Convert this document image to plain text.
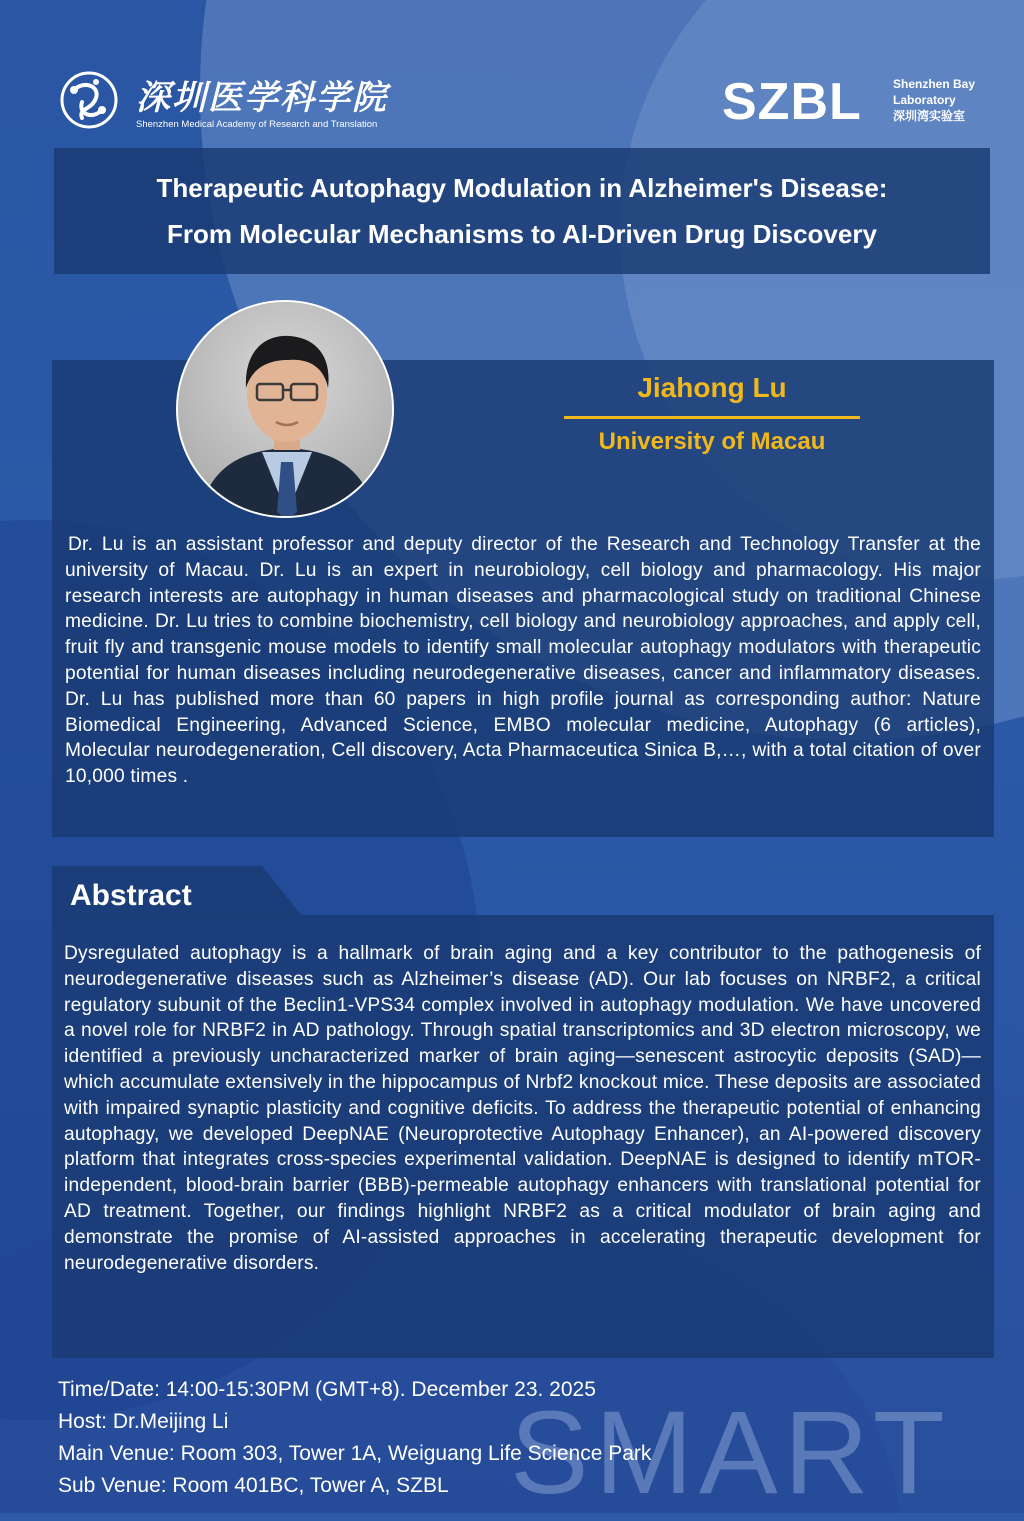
深圳医学科学院
Shenzhen Medical Academy of Research and Translation	SZBL	Shenzhen Bay
Laboratory
深圳湾实验室
Therapeutic Autophagy Modulation in Alzheimer's Disease:
From Molecular Mechanisms to AI-Driven Drug Discovery
Jiahong Lu
University of Macau
Dr. Lu is an assistant professor and deputy director of the Research and Technology Transfer at the university of Macau. Dr. Lu is an expert in neurobiology, cell biology and pharmacology. His major research interests are autophagy in human diseases and pharmacological study on traditional Chinese medicine. Dr. Lu tries to combine biochemistry, cell biology and neurobiology approaches, and apply cell, fruit fly and transgenic mouse models to identify small molecular autophagy modulators with therapeutic potential for human diseases including neurodegenerative diseases, cancer and inflammatory diseases. Dr. Lu has published more than 60 papers in high profile journal as corresponding author: Nature Biomedical Engineering, Advanced Science, EMBO molecular medicine, Autophagy (6 articles), Molecular neurodegeneration, Cell discovery, Acta Pharmaceutica Sinica B,…, with a total citation of over 10,000 times .
Abstract
Dysregulated autophagy is a hallmark of brain aging and a key contributor to the pathogenesis of neurodegenerative diseases such as Alzheimer’s disease (AD). Our lab focuses on NRBF2, a critical regulatory subunit of the Beclin1-VPS34 complex involved in autophagy modulation. We have uncovered a novel role for NRBF2 in AD pathology. Through spatial transcriptomics and 3D electron microscopy, we identified a previously uncharacterized marker of brain aging—senescent astrocytic deposits (SAD)—which accumulate extensively in the hippocampus of Nrbf2 knockout mice. These deposits are associated with impaired synaptic plasticity and cognitive deficits. To address the therapeutic potential of enhancing autophagy, we developed DeepNAE (Neuroprotective Autophagy Enhancer), an AI-powered discovery platform that integrates cross-species experimental validation. DeepNAE is designed to identify mTOR-independent, blood-brain barrier (BBB)-permeable autophagy enhancers with translational potential for AD treatment. Together, our findings highlight NRBF2 as a critical modulator of brain aging and demonstrate the promise of AI-assisted approaches in accelerating therapeutic development for neurodegenerative disorders.
SMART
Time/Date: 14:00-15:30PM (GMT+8). December 23. 2025
Host: Dr.Meijing Li
Main Venue: Room 303, Tower 1A, Weiguang Life Science Park
Sub Venue: Room 401BC, Tower A, SZBL
